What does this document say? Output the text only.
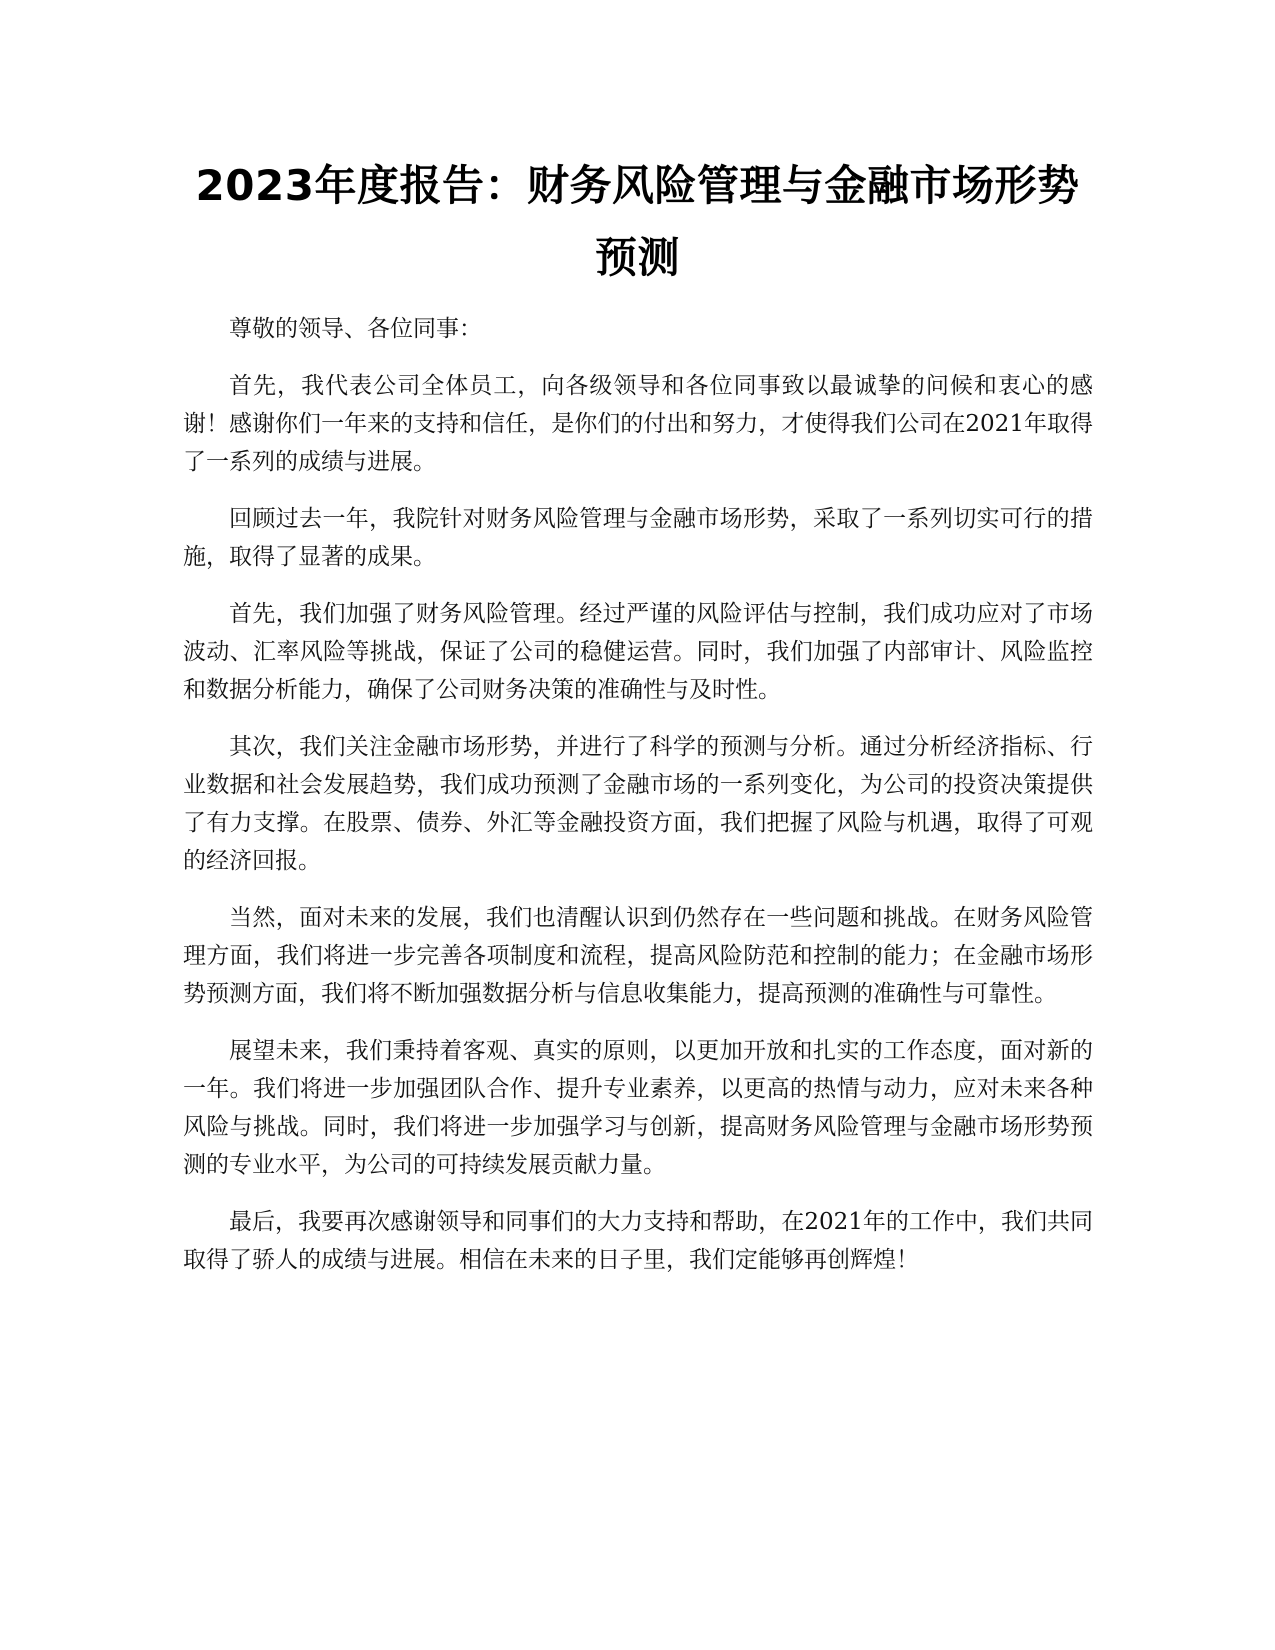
2023年度报告：财务风险管理与金融市场形势预测

尊敬的领导、各位同事：

首先，我代表公司全体员工，向各级领导和各位同事致以最诚挚的问候和衷心的感谢！感谢你们一年来的支持和信任，是你们的付出和努力，才使得我们公司在2021年取得了一系列的成绩与进展。

回顾过去一年，我院针对财务风险管理与金融市场形势，采取了一系列切实可行的措施，取得了显著的成果。

首先，我们加强了财务风险管理。经过严谨的风险评估与控制，我们成功应对了市场波动、汇率风险等挑战，保证了公司的稳健运营。同时，我们加强了内部审计、风险监控和数据分析能力，确保了公司财务决策的准确性与及时性。

其次，我们关注金融市场形势，并进行了科学的预测与分析。通过分析经济指标、行业数据和社会发展趋势，我们成功预测了金融市场的一系列变化，为公司的投资决策提供了有力支撑。在股票、债券、外汇等金融投资方面，我们把握了风险与机遇，取得了可观的经济回报。

当然，面对未来的发展，我们也清醒认识到仍然存在一些问题和挑战。在财务风险管理方面，我们将进一步完善各项制度和流程，提高风险防范和控制的能力；在金融市场形势预测方面，我们将不断加强数据分析与信息收集能力，提高预测的准确性与可靠性。

展望未来，我们秉持着客观、真实的原则，以更加开放和扎实的工作态度，面对新的一年。我们将进一步加强团队合作、提升专业素养，以更高的热情与动力，应对未来各种风险与挑战。同时，我们将进一步加强学习与创新，提高财务风险管理与金融市场形势预测的专业水平，为公司的可持续发展贡献力量。

最后，我要再次感谢领导和同事们的大力支持和帮助，在2021年的工作中，我们共同取得了骄人的成绩与进展。相信在未来的日子里，我们定能够再创辉煌！
